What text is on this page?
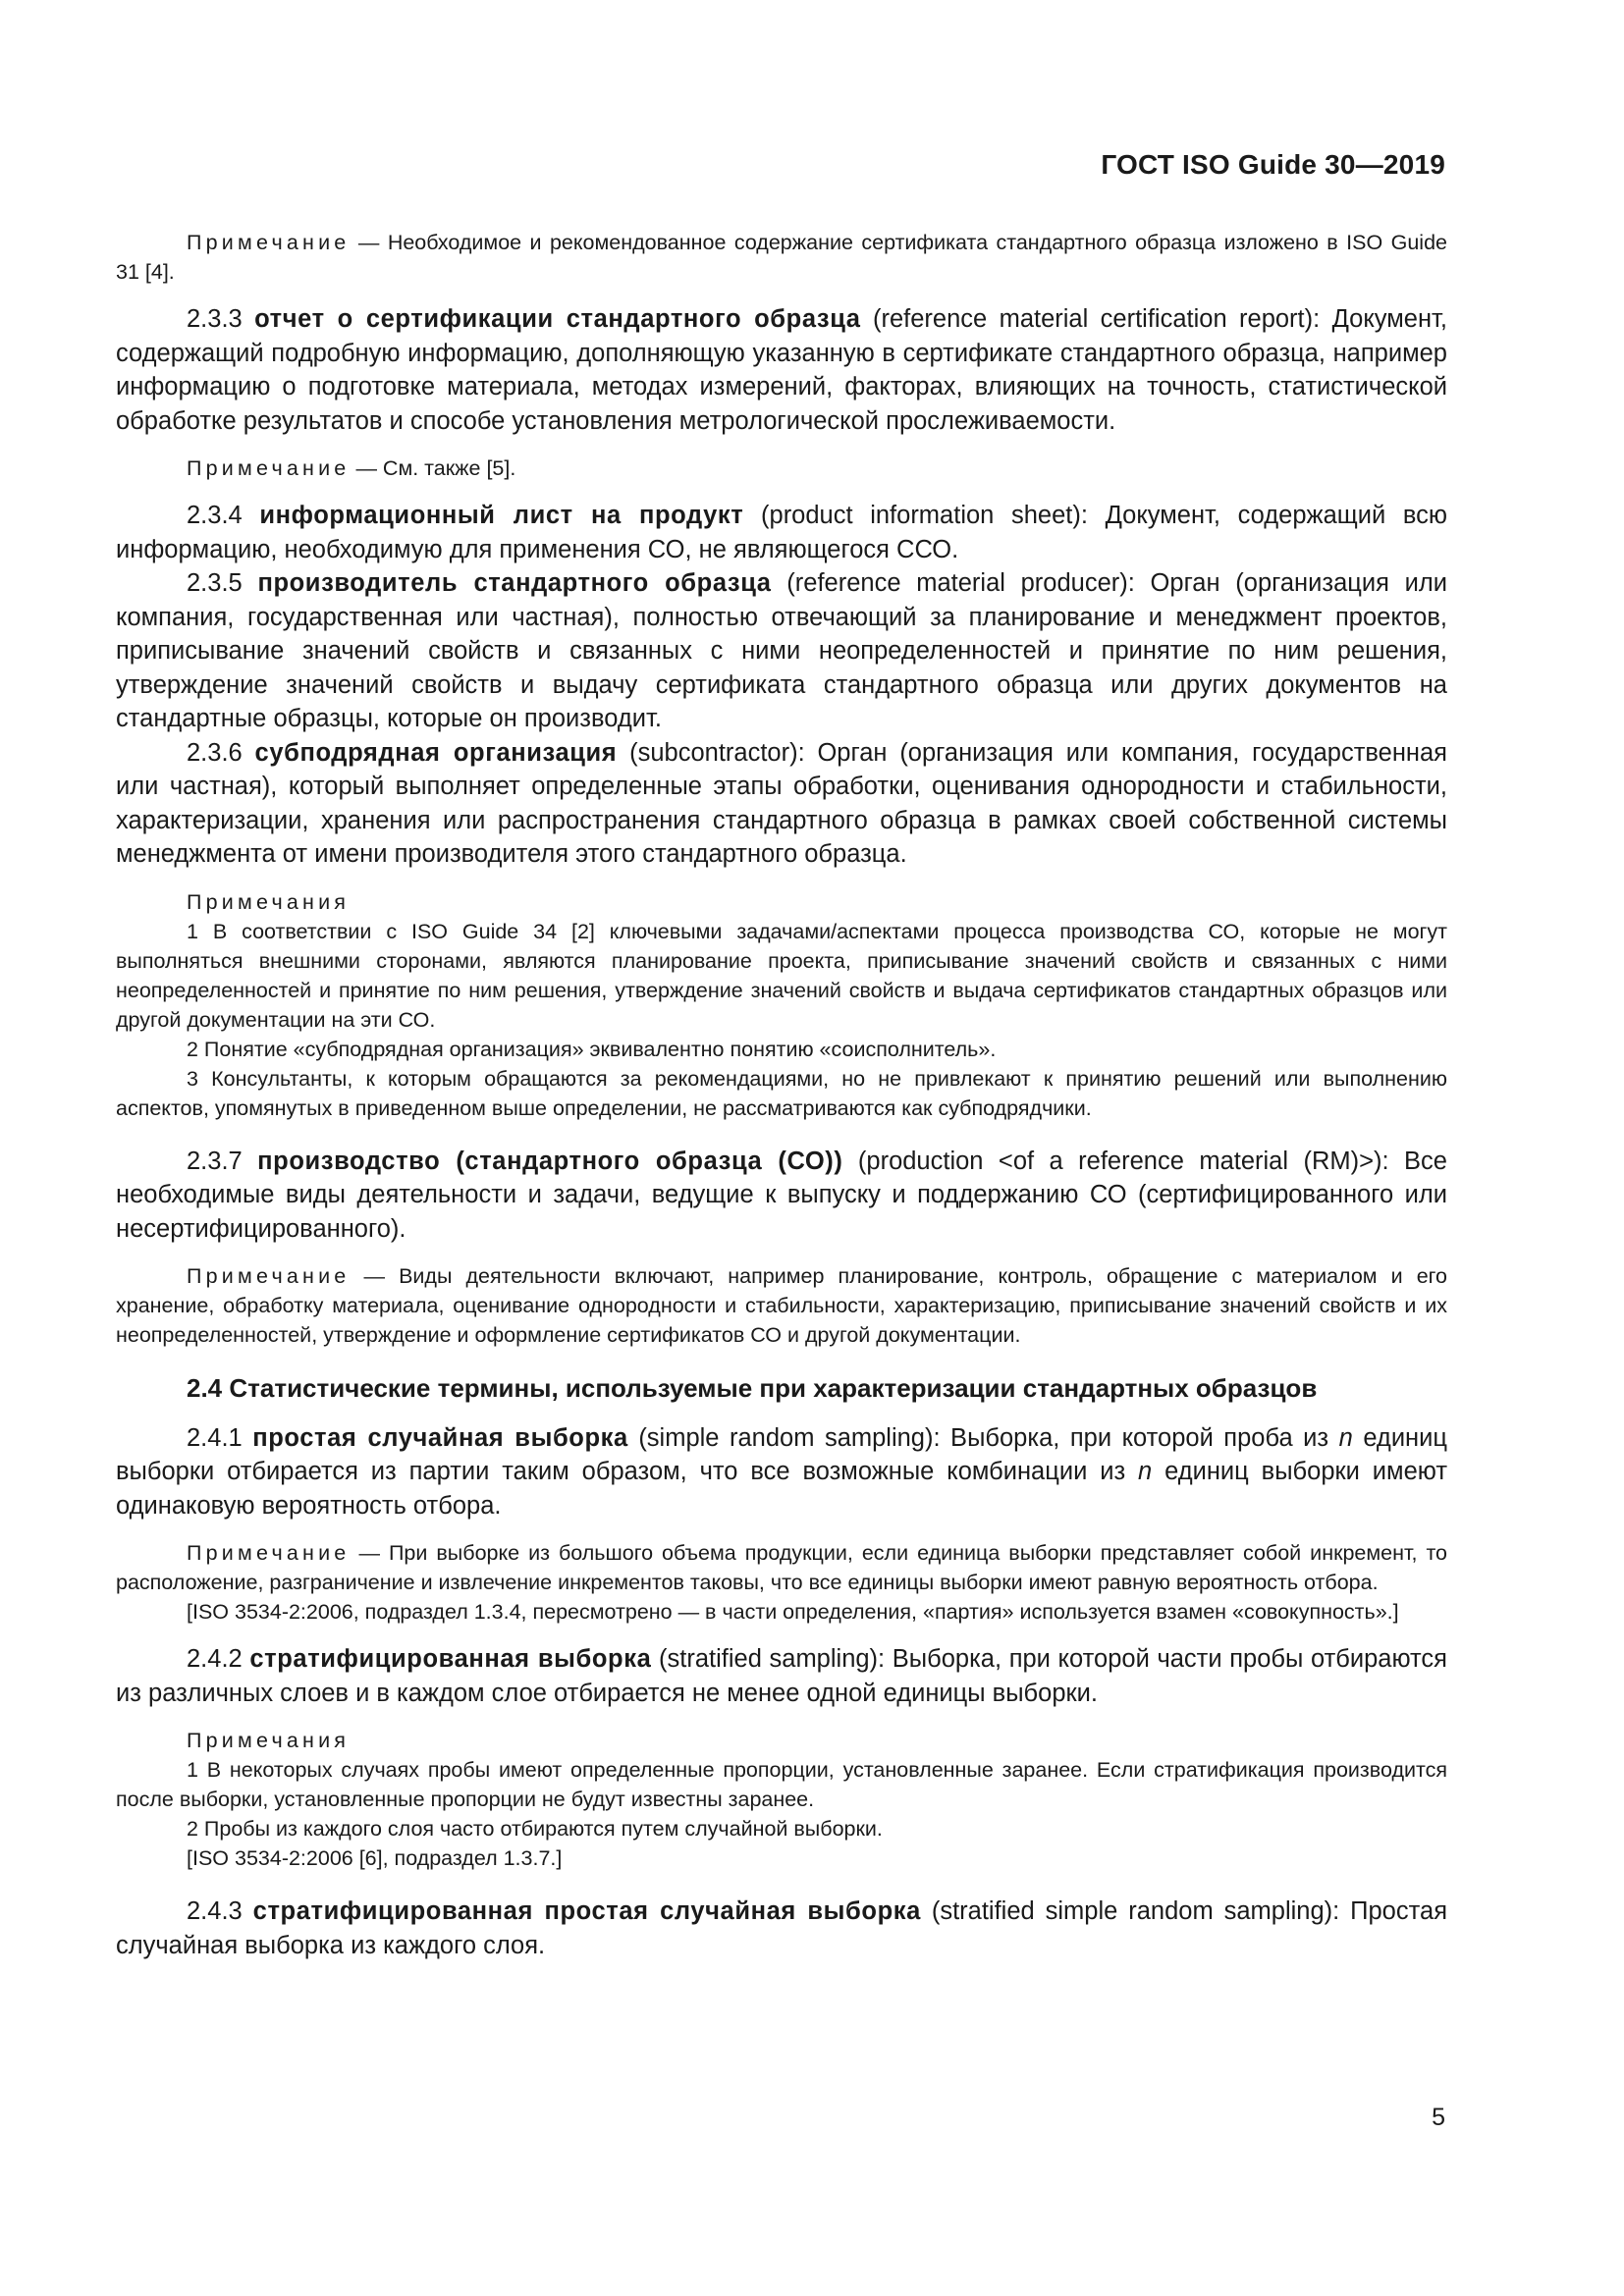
ГОСТ ISO Guide 30—2019

Примечание — Необходимое и рекомендованное содержание сертификата стандартного образца изложено в ISO Guide 31 [4].

2.3.3 отчет о сертификации стандартного образца (reference material certification report): Документ, содержащий подробную информацию, дополняющую указанную в сертификате стандартного образца, например информацию о подготовке материала, методах измерений, факторах, влияющих на точность, статистической обработке результатов и способе установления метрологической прослеживаемости.

Примечание — См. также [5].

2.3.4 информационный лист на продукт (product information sheet): Документ, содержащий всю информацию, необходимую для применения СО, не являющегося ССО.

2.3.5 производитель стандартного образца (reference material producer): Орган (организация или компания, государственная или частная), полностью отвечающий за планирование и менеджмент проектов, приписывание значений свойств и связанных с ними неопределенностей и принятие по ним решения, утверждение значений свойств и выдачу сертификата стандартного образца или других документов на стандартные образцы, которые он производит.

2.3.6 субподрядная организация (subcontractor): Орган (организация или компания, государственная или частная), который выполняет определенные этапы обработки, оценивания однородности и стабильности, характеризации, хранения или распространения стандартного образца в рамках своей собственной системы менеджмента от имени производителя этого стандартного образца.

Примечания

1 В соответствии с ISO Guide 34 [2] ключевыми задачами/аспектами процесса производства СО, которые не могут выполняться внешними сторонами, являются планирование проекта, приписывание значений свойств и связанных с ними неопределенностей и принятие по ним решения, утверждение значений свойств и выдача сертификатов стандартных образцов или другой документации на эти СО.

2 Понятие «субподрядная организация» эквивалентно понятию «соисполнитель».

3 Консультанты, к которым обращаются за рекомендациями, но не привлекают к принятию решений или выполнению аспектов, упомянутых в приведенном выше определении, не рассматриваются как субподрядчики.

2.3.7 производство (стандартного образца (СО)) (production <of a reference material (RM)>): Все необходимые виды деятельности и задачи, ведущие к выпуску и поддержанию СО (сертифицированного или несертифицированного).

Примечание — Виды деятельности включают, например планирование, контроль, обращение с материалом и его хранение, обработку материала, оценивание однородности и стабильности, характеризацию, приписывание значений свойств и их неопределенностей, утверждение и оформление сертификатов СО и другой документации.

2.4 Статистические термины, используемые при характеризации стандартных образцов

2.4.1 простая случайная выборка (simple random sampling): Выборка, при которой проба из n единиц выборки отбирается из партии таким образом, что все возможные комбинации из n единиц выборки имеют одинаковую вероятность отбора.

Примечание — При выборке из большого объема продукции, если единица выборки представляет собой инкремент, то расположение, разграничение и извлечение инкрементов таковы, что все единицы выборки имеют равную вероятность отбора.

[ISO 3534-2:2006, подраздел 1.3.4, пересмотрено — в части определения, «партия» используется взамен «совокупность».]

2.4.2 стратифицированная выборка (stratified sampling): Выборка, при которой части пробы отбираются из различных слоев и в каждом слое отбирается не менее одной единицы выборки.

Примечания

1 В некоторых случаях пробы имеют определенные пропорции, установленные заранее. Если стратификация производится после выборки, установленные пропорции не будут известны заранее.

2 Пробы из каждого слоя часто отбираются путем случайной выборки.

[ISO 3534-2:2006 [6], подраздел 1.3.7.]

2.4.3 стратифицированная простая случайная выборка (stratified simple random sampling): Простая случайная выборка из каждого слоя.

5
